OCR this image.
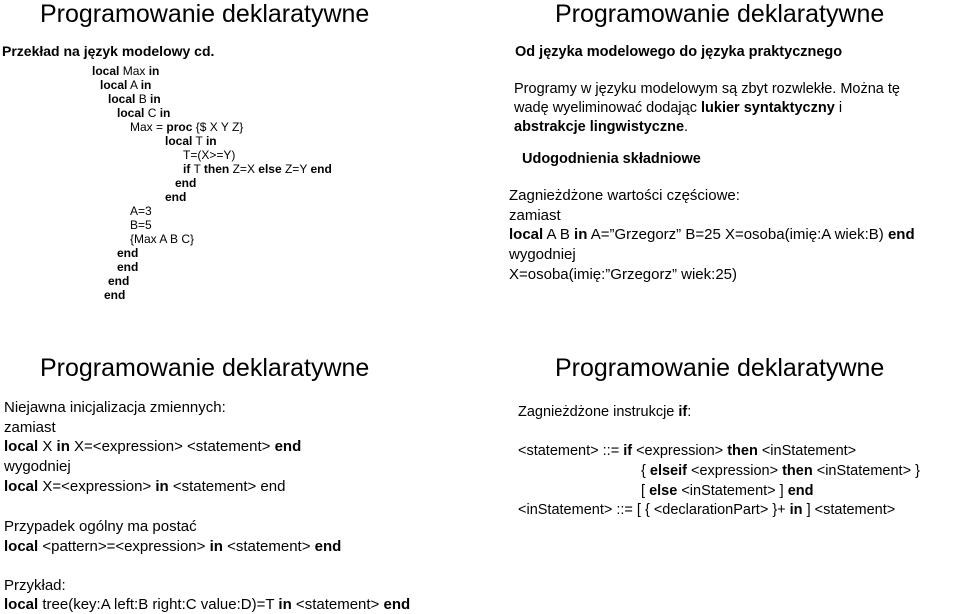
Programowanie deklaratywne
Przekład na język modelowy cd.
local Max in
local A in
local B in
local C in
Max = proc {$ X Y Z}
local T in
T=(X>=Y)
if T then Z=X else Z=Y end
end
end
A=3
B=5
{Max A B C}
end
end
end
end
Programowanie deklaratywne
Od języka modelowego do języka praktycznego
Programy w języku modelowym są zbyt rozwlekłe. Można tę
wadę wyeliminować dodając lukier syntaktyczny i
abstrakcje lingwistyczne.
Udogodnienia składniowe
Zagnieżdżone wartości częściowe:
zamiast
local A B in A=”Grzegorz” B=25 X=osoba(imię:A wiek:B) end
wygodniej
X=osoba(imię:”Grzegorz” wiek:25)
Programowanie deklaratywne
Niejawna inicjalizacja zmiennych:
zamiast
local X in X=<expression> <statement> end
wygodniej
local X=<expression> in <statement> end
Przypadek ogólny ma postać
local <pattern>=<expression> in <statement> end
Przykład:
local tree(key:A left:B right:C value:D)=T in <statement> end
Programowanie deklaratywne
Zagnieżdżone instrukcje if:
<statement> ::= if <expression> then <inStatement>
{ elseif <expression> then <inStatement> }
[ else <inStatement> ] end
<inStatement> ::= [ { <declarationPart> }+ in ] <statement>
